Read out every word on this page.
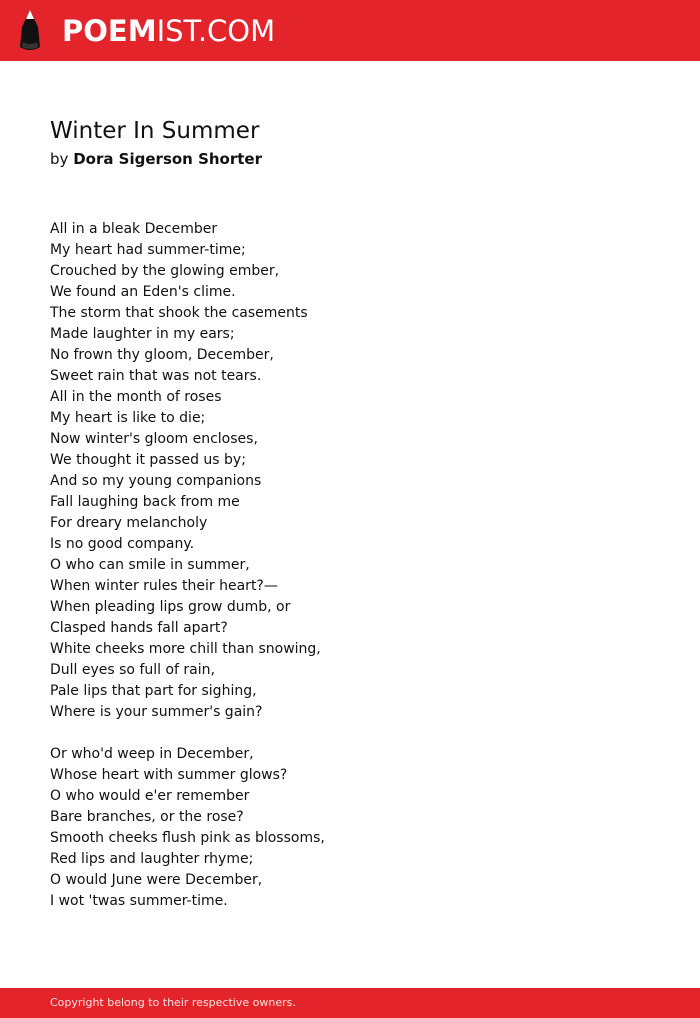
POEMIST.COM
Winter In Summer
by Dora Sigerson Shorter
All in a bleak December
My heart had summer-time;
Crouched by the glowing ember,
We found an Eden's clime.
The storm that shook the casements
Made laughter in my ears;
No frown thy gloom, December,
Sweet rain that was not tears.
All in the month of roses
My heart is like to die;
Now winter's gloom encloses,
We thought it passed us by;
And so my young companions
Fall laughing back from me
For dreary melancholy
Is no good company.
O who can smile in summer,
When winter rules their heart?—
When pleading lips grow dumb, or
Clasped hands fall apart?
White cheeks more chill than snowing,
Dull eyes so full of rain,
Pale lips that part for sighing,
Where is your summer's gain?
Or who'd weep in December,
Whose heart with summer glows?
O who would e'er remember
Bare branches, or the rose?
Smooth cheeks flush pink as blossoms,
Red lips and laughter rhyme;
O would June were December,
I wot 'twas summer-time.
Copyright belong to their respective owners.
